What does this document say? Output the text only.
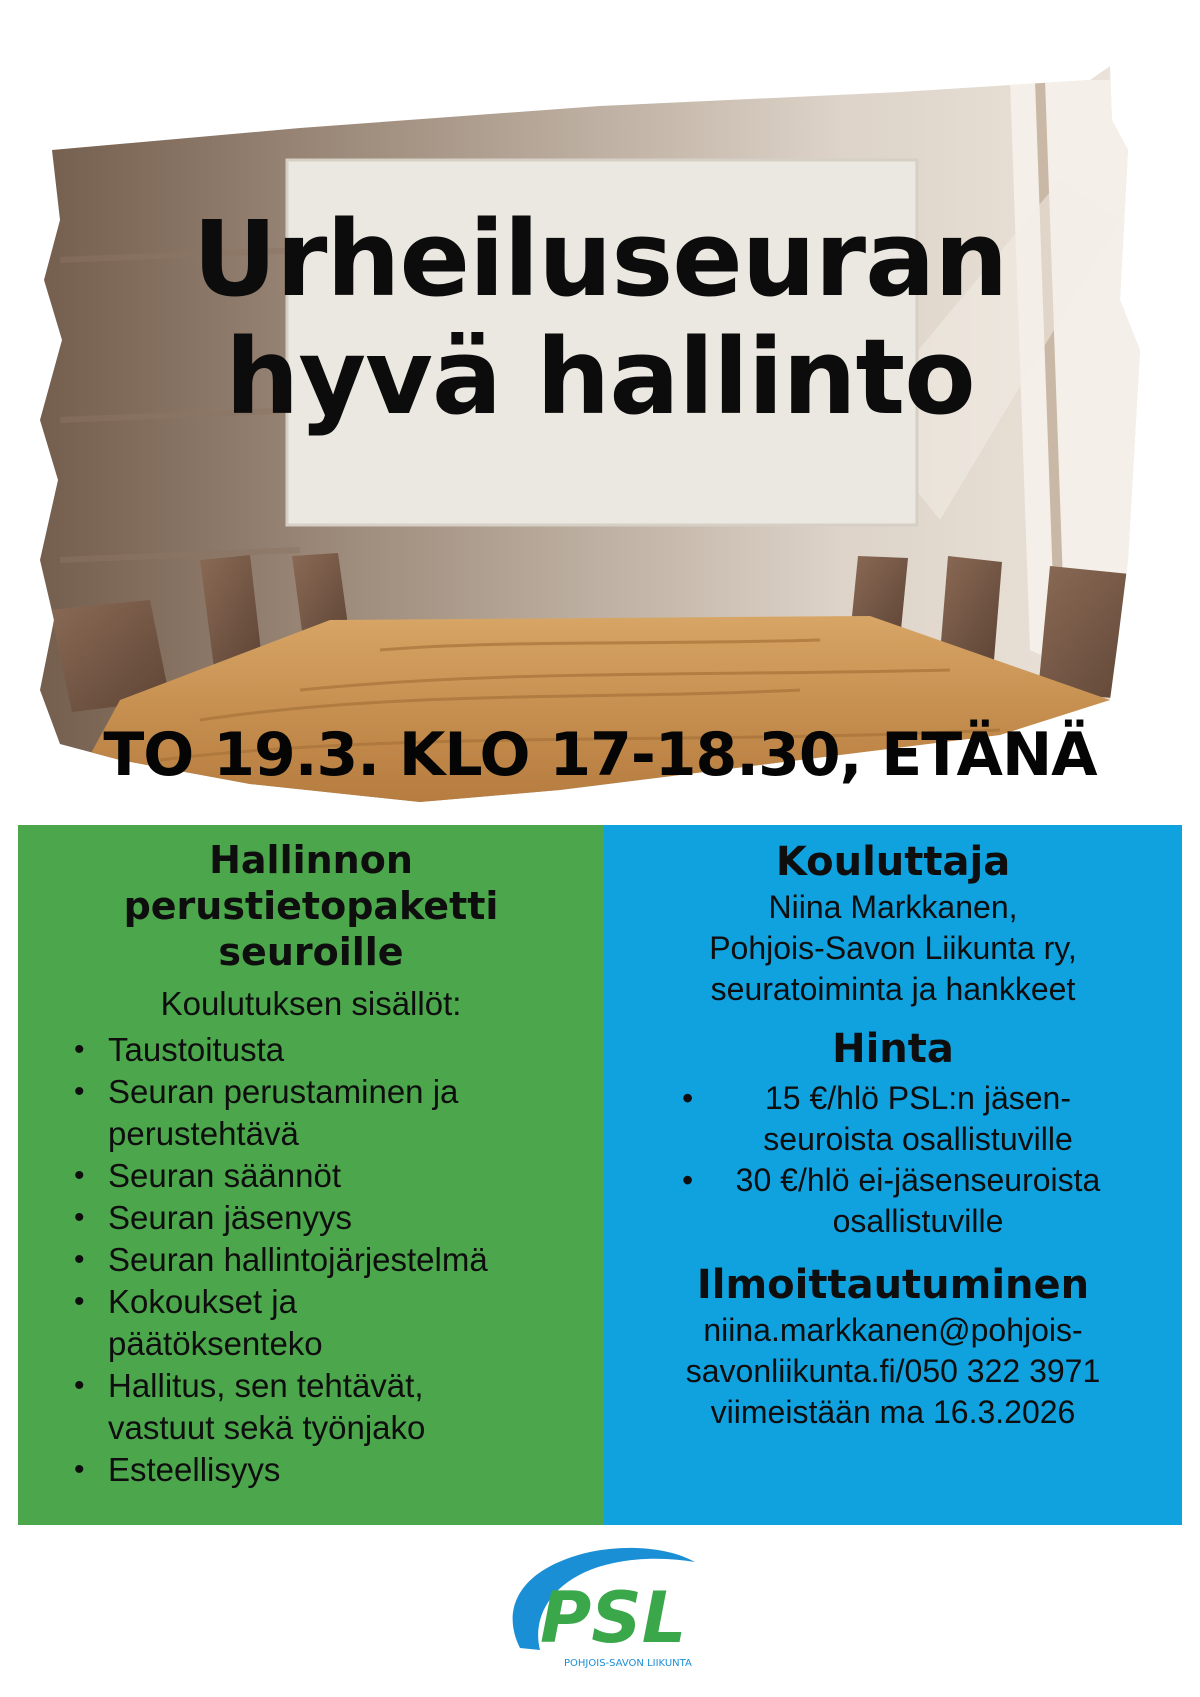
Urheiluseuran
hyvä hallinto

TO 19.3. KLO 17-18.30, ETÄNÄ

Hallinnon
perustietopaketti
seuroille

Koulutuksen sisällöt:

• Taustoitusta
• Seuran perustaminen ja
perustehtävä
• Seuran säännöt
• Seuran jäsenyys
• Seuran hallintojärjestelmä
• Kokoukset ja
päätöksenteko
• Hallitus, sen tehtävät,
vastuut sekä työnjako
• Esteellisyys
Kouluttaja

Niina Markkanen,
Pohjois-Savon Liikunta ry,
seuratoiminta ja hankkeet

Hinta
•	15 €/hlö PSL:n jäsen-
seuroista osallistuville
•	30 €/hlö ei-jäsenseuroista
osallistuville
Ilmoittautuminen

niina.markkanen@pohjois-
savonliikunta.fi/050 322 3971
viimeistään ma 16.3.2026

PSL
POHJOIS-SAVON LIIKUNTA
